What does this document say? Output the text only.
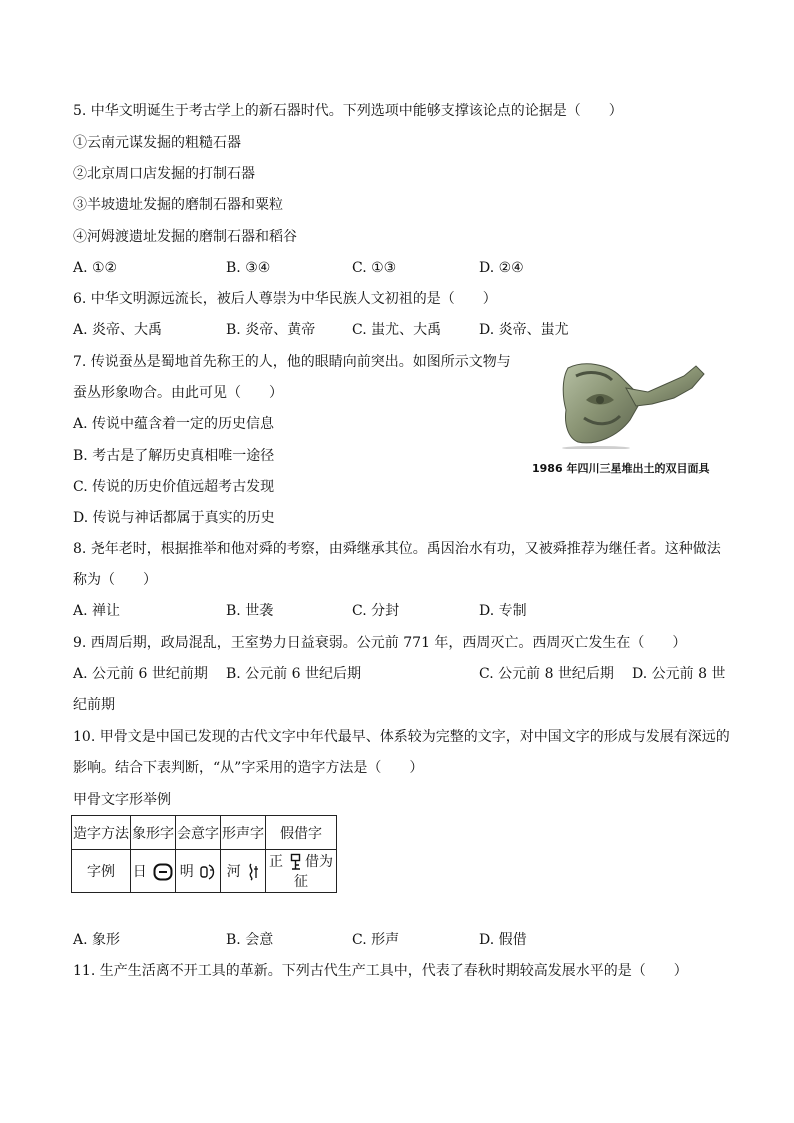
5. 中华文明诞生于考古学上的新石器时代。下列选项中能够支撑该论点的论据是（　　）
①云南元谋发掘的粗糙石器
②北京周口店发掘的打制石器
③半坡遗址发掘的磨制石器和粟粒
④河姆渡遗址发掘的磨制石器和稻谷
A. ①②	B. ③④	C. ①③	D. ②④
6. 中华文明源远流长，被后人尊崇为中华民族人文初祖的是（　　）
A. 炎帝、大禹	B. 炎帝、黄帝	C. 蚩尤、大禹	D. 炎帝、蚩尤
7. 传说蚕丛是蜀地首先称王的人，他的眼睛向前突出。如图所示文物与
蚕丛形象吻合。由此可见（　　）
A. 传说中蕴含着一定的历史信息
B. 考古是了解历史真相唯一途径
C. 传说的历史价值远超考古发现
D. 传说与神话都属于真实的历史
1986 年四川三星堆出土的双目面具
8. 尧年老时，根据推举和他对舜的考察，由舜继承其位。禹因治水有功，又被舜推荐为继任者。这种做法
称为（　　）
A. 禅让	B. 世袭	C. 分封	D. 专制
9. 西周后期，政局混乱，王室势力日益衰弱。公元前 771 年，西周灭亡。西周灭亡发生在（　　）
A. 公元前 6 世纪前期 B. 公元前 6 世纪后期	C. 公元前 8 世纪后期 D. 公元前 8 世
纪前期
10. 甲骨文是中国已发现的古代文字中年代最早、体系较为完整的文字，对中国文字的形成与发展有深远的
影响。结合下表判断，“从”字采用的造字方法是（　　）
甲骨文字形举例
造字方法	象形字	会意字	形声字	假借字
字例	日	明	河	正 借为征
A. 象形	B. 会意	C. 形声	D. 假借
11. 生产生活离不开工具的革新。下列古代生产工具中，代表了春秋时期较高发展水平的是（　　）
